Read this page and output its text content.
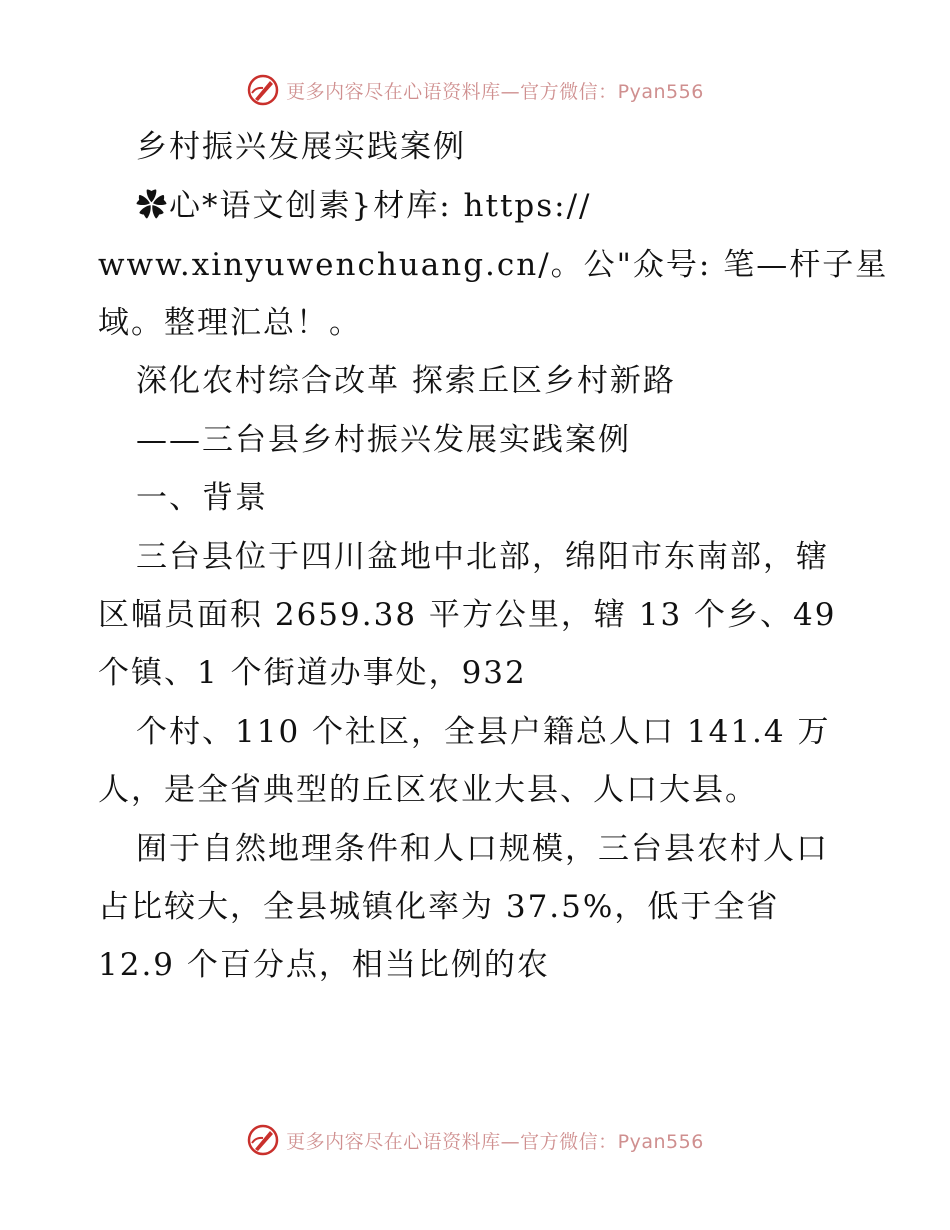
更多内容尽在心语资料库—官方微信：Pyan556
乡村振兴发展实践案例
✿心*语文创素}材库: https://
www.xinyuwenchuang.cn/。公"众号: 笔—杆子星
域。整理汇总！。
深化农村综合改革 探索丘区乡村新路
——三台县乡村振兴发展实践案例
一、背景
三台县位于四川盆地中北部，绵阳市东南部，辖
区幅员面积 2659.38 平方公里，辖 13 个乡、49
个镇、1 个街道办事处，932
个村、110 个社区，全县户籍总人口 141.4 万
人，是全省典型的丘区农业大县、人口大县。
囿于自然地理条件和人口规模，三台县农村人口
占比较大，全县城镇化率为 37.5%，低于全省
12.9 个百分点，相当比例的农
更多内容尽在心语资料库—官方微信：Pyan556
